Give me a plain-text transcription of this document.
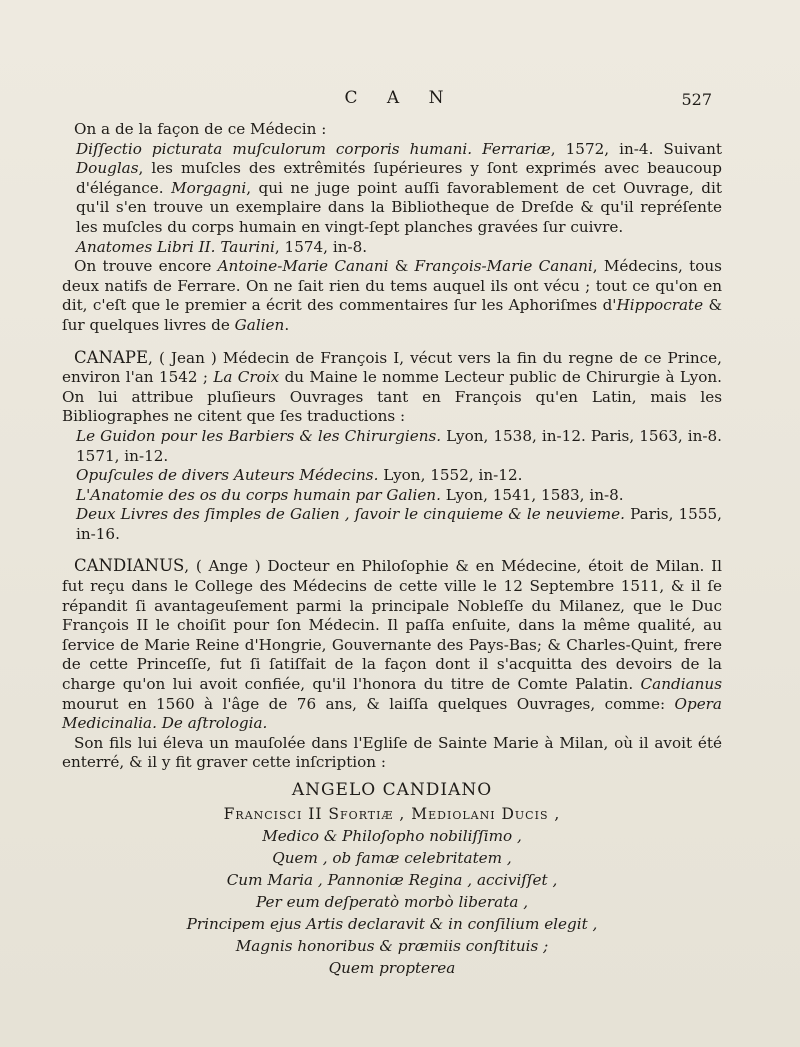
C A N	527

On a de la façon de ce Médecin :

Diſſectio picturata muſculorum corporis humani. Ferrariæ, 1572, in-4. Suivant Douglas, les muſcles des extrêmités ſupérieures y ſont exprimés avec beaucoup d'élégance. Morgagni, qui ne juge point auſſi favorablement de cet Ouvrage, dit qu'il s'en trouve un exemplaire dans la Bibliotheque de Dreſde & qu'il repréſente les muſcles du corps humain en vingt-ſept planches gravées ſur cuivre.

Anatomes Libri II. Taurini, 1574, in-8.

On trouve encore Antoine-Marie Canani & François-Marie Canani, Médecins, tous deux natifs de Ferrare. On ne ſait rien du tems auquel ils ont vécu ; tout ce qu'on en dit, c'eſt que le premier a écrit des commentaires ſur les Aphoriſmes d'Hippocrate & ſur quelques livres de Galien.

CANAPE, ( Jean ) Médecin de François I, vécut vers la fin du regne de ce Prince, environ l'an 1542 ; La Croix du Maine le nomme Lecteur public de Chirurgie à Lyon. On lui attribue pluſieurs Ouvrages tant en François qu'en Latin, mais les Bibliographes ne citent que ſes traductions :

Le Guidon pour les Barbiers & les Chirurgiens. Lyon, 1538, in-12. Paris, 1563, in-8. 1571, in-12.

Opuſcules de divers Auteurs Médecins. Lyon, 1552, in-12.

L'Anatomie des os du corps humain par Galien. Lyon, 1541, 1583, in-8.

Deux Livres des ſimples de Galien , ſavoir le cinquieme & le neuvieme. Paris, 1555, in-16.

CANDIANUS, ( Ange ) Docteur en Philoſophie & en Médecine, étoit de Milan. Il fut reçu dans le College des Médecins de cette ville le 12 Septembre 1511, & il ſe répandit ſi avantageuſement parmi la principale Nobleſſe du Milanez, que le Duc François II le choiſit pour ſon Médecin. Il paſſa enſuite, dans la même qualité, au ſervice de Marie Reine d'Hongrie, Gouvernante des Pays-Bas; & Charles-Quint, frere de cette Princeſſe, fut ſi ſatiſfait de la façon dont il s'acquitta des devoirs de la charge qu'on lui avoit confiée, qu'il l'honora du titre de Comte Palatin. Candianus mourut en 1560 à l'âge de 76 ans, & laiſſa quelques Ouvrages, comme: Opera Medicinalia. De aſtrologia.

Son fils lui éleva un mauſolée dans l'Egliſe de Sainte Marie à Milan, où il avoit été enterré, & il y fit graver cette inſcription :

ANGELO CANDIANO

Francisci II Sfortiæ , Mediolani Ducis ,

Medico & Philoſopho nobiliſſimo ,

Quem , ob famæ celebritatem ,

Cum Maria , Pannoniæ Regina , acciviſſet ,

Per eum deſperatò morbò liberata ,

Principem ejus Artis declaravit & in conſilium elegit ,

Magnis honoribus & præmiis conſtituis ;

Quem propterea
